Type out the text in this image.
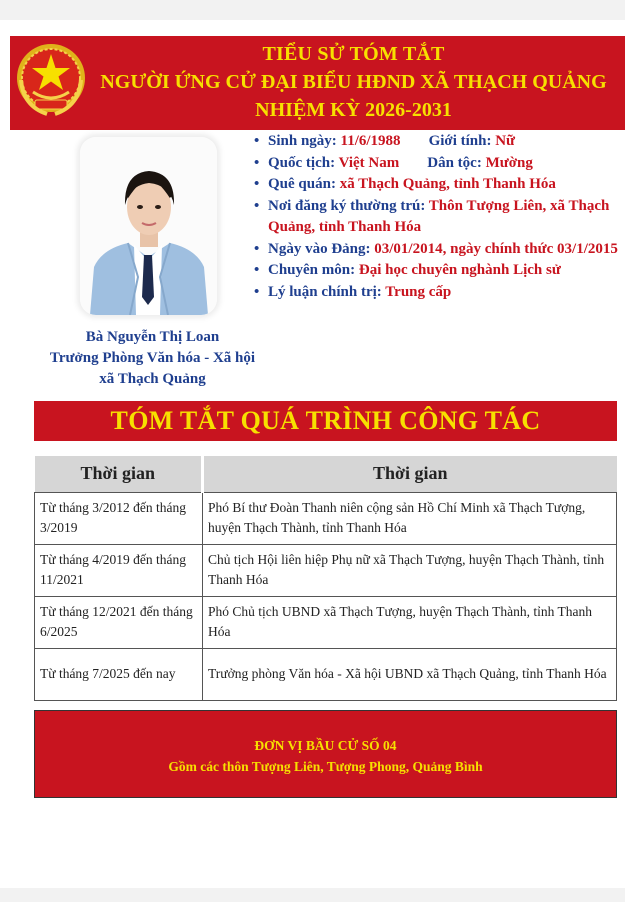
TIỂU SỬ TÓM TẮT
NGƯỜI ỨNG CỬ ĐẠI BIỂU HĐND XÃ THẠCH QUẢNG
NHIỆM KỲ 2026-2031
Bà Nguyễn Thị Loan
Trưởng Phòng Văn hóa - Xã hội
xã Thạch Quảng
• Sinh ngày: 11/6/1988 Giới tính: Nữ
• Quốc tịch: Việt Nam Dân tộc: Mường
• Quê quán: xã Thạch Quảng, tỉnh Thanh Hóa
• Nơi đăng ký thường trú: Thôn Tượng Liên, xã Thạch Quảng, tỉnh Thanh Hóa
• Ngày vào Đảng: 03/01/2014, ngày chính thức 03/1/2015
• Chuyên môn: Đại học chuyên nghành Lịch sử
• Lý luận chính trị: Trung cấp
TÓM TẮT QUÁ TRÌNH CÔNG TÁC
Thời gian	Thời gian
Từ tháng 3/2012 đến tháng 3/2019	Phó Bí thư Đoàn Thanh niên cộng sản Hồ Chí Minh xã Thạch Tượng, huyện Thạch Thành, tỉnh Thanh Hóa
Từ tháng 4/2019 đến tháng 11/2021	Chủ tịch Hội liên hiệp Phụ nữ xã Thạch Tượng, huyện Thạch Thành, tỉnh Thanh Hóa
Từ tháng 12/2021 đến tháng 6/2025	Phó Chủ tịch UBND xã Thạch Tượng, huyện Thạch Thành, tỉnh Thanh Hóa
Từ tháng 7/2025 đến nay	Trưởng phòng Văn hóa - Xã hội UBND xã Thạch Quảng, tỉnh Thanh Hóa
ĐƠN VỊ BẦU CỬ SỐ 04
Gồm các thôn Tượng Liên, Tượng Phong, Quảng Bình
